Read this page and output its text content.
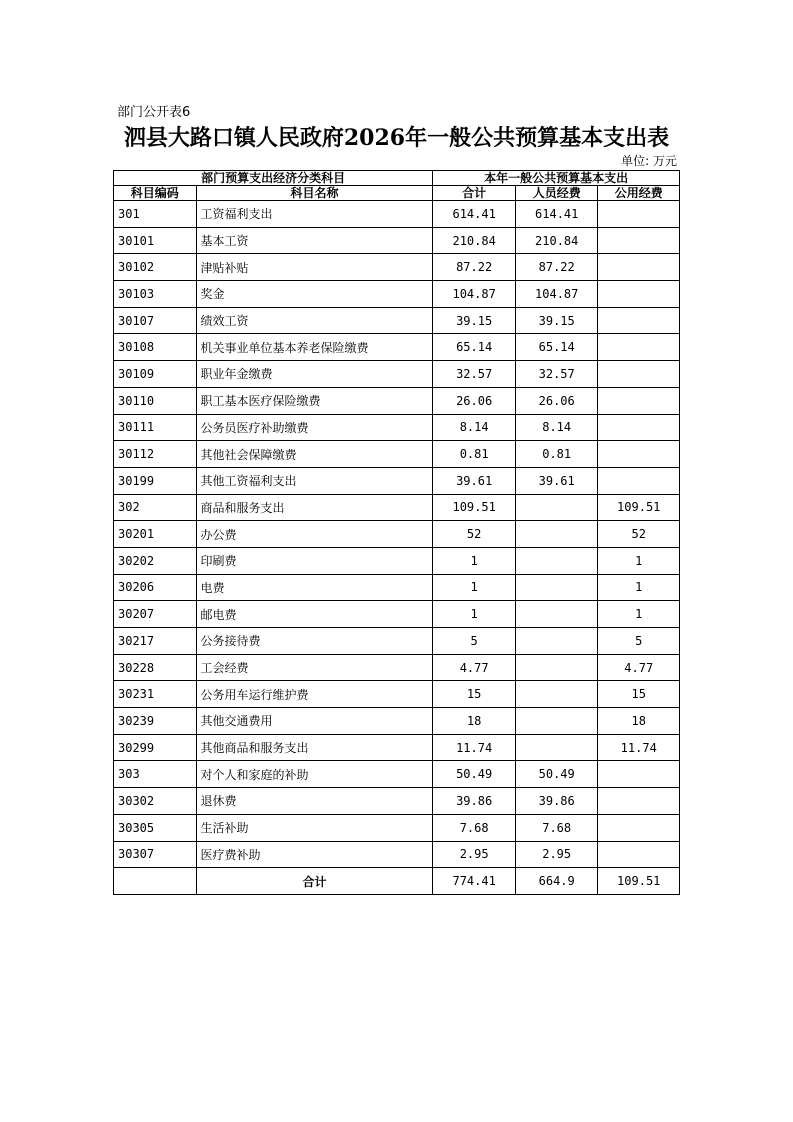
部门公开表6
泗县大路口镇人民政府2026年一般公共预算基本支出表
单位: 万元
部门预算支出经济分类科目		本年一般公共预算基本支出		
科目编码	科目名称	合计	人员经费	公用经费
301	工资福利支出	614.41	614.41	
30101	基本工资	210.84	210.84	
30102	津贴补贴	87.22	87.22	
30103	奖金	104.87	104.87	
30107	绩效工资	39.15	39.15	
30108	机关事业单位基本养老保险缴费	65.14	65.14	
30109	职业年金缴费	32.57	32.57	
30110	职工基本医疗保险缴费	26.06	26.06	
30111	公务员医疗补助缴费	8.14	8.14	
30112	其他社会保障缴费	0.81	0.81	
30199	其他工资福利支出	39.61	39.61	
302	商品和服务支出	109.51		109.51
30201	办公费	52		52
30202	印刷费	1		1
30206	电费	1		1
30207	邮电费	1		1
30217	公务接待费	5		5
30228	工会经费	4.77		4.77
30231	公务用车运行维护费	15		15
30239	其他交通费用	18		18
30299	其他商品和服务支出	11.74		11.74
303	对个人和家庭的补助	50.49	50.49	
30302	退休费	39.86	39.86	
30305	生活补助	7.68	7.68	
30307	医疗费补助	2.95	2.95	
	合计	774.41	664.9	109.51
